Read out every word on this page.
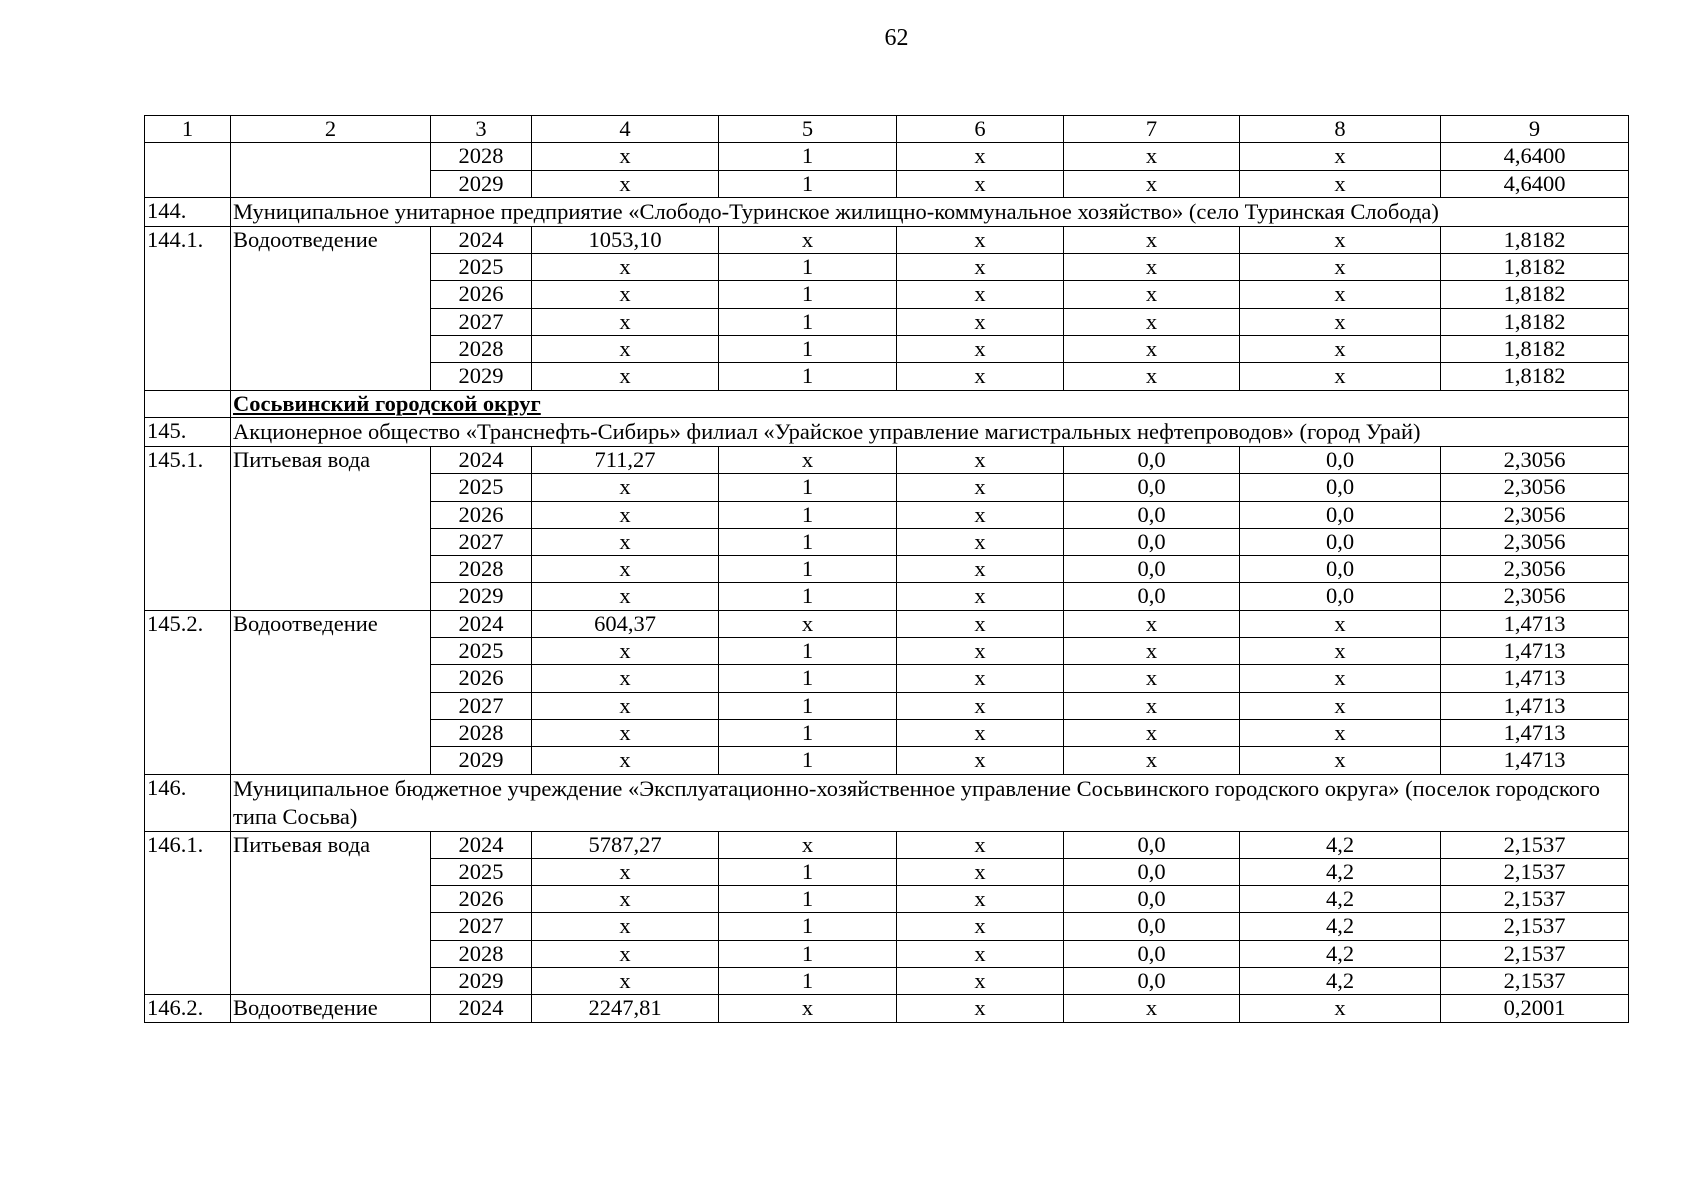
62
1	2	3	4	5	6	7	8	9
		2028	x	1	x	x	x	4,6400
		2029	x	1	x	x	x	4,6400
144.	Муниципальное унитарное предприятие «Слободо-Туринское жилищно-коммунальное хозяйство» (село Туринская Слобода)							
144.1.	Водоотведение	2024	1053,10	x	x	x	x	1,8182
		2025	x	1	x	x	x	1,8182
		2026	x	1	x	x	x	1,8182
		2027	x	1	x	x	x	1,8182
		2028	x	1	x	x	x	1,8182
		2029	x	1	x	x	x	1,8182
	Сосьвинский городской округ							
145.	Акционерное общество «Транснефть-Сибирь» филиал «Урайское управление магистральных нефтепроводов» (город Урай)							
145.1.	Питьевая вода	2024	711,27	x	x	0,0	0,0	2,3056
		2025	x	1	x	0,0	0,0	2,3056
		2026	x	1	x	0,0	0,0	2,3056
		2027	x	1	x	0,0	0,0	2,3056
		2028	x	1	x	0,0	0,0	2,3056
		2029	x	1	x	0,0	0,0	2,3056
145.2.	Водоотведение	2024	604,37	x	x	x	x	1,4713
		2025	x	1	x	x	x	1,4713
		2026	x	1	x	x	x	1,4713
		2027	x	1	x	x	x	1,4713
		2028	x	1	x	x	x	1,4713
		2029	x	1	x	x	x	1,4713
146.	Муниципальное бюджетное учреждение «Эксплуатационно-хозяйственное управление Сосьвинского городского округа» (поселок городского типа Сосьва)							
146.1.	Питьевая вода	2024	5787,27	x	x	0,0	4,2	2,1537
		2025	x	1	x	0,0	4,2	2,1537
		2026	x	1	x	0,0	4,2	2,1537
		2027	x	1	x	0,0	4,2	2,1537
		2028	x	1	x	0,0	4,2	2,1537
		2029	x	1	x	0,0	4,2	2,1537
146.2.	Водоотведение	2024	2247,81	x	x	x	x	0,2001
